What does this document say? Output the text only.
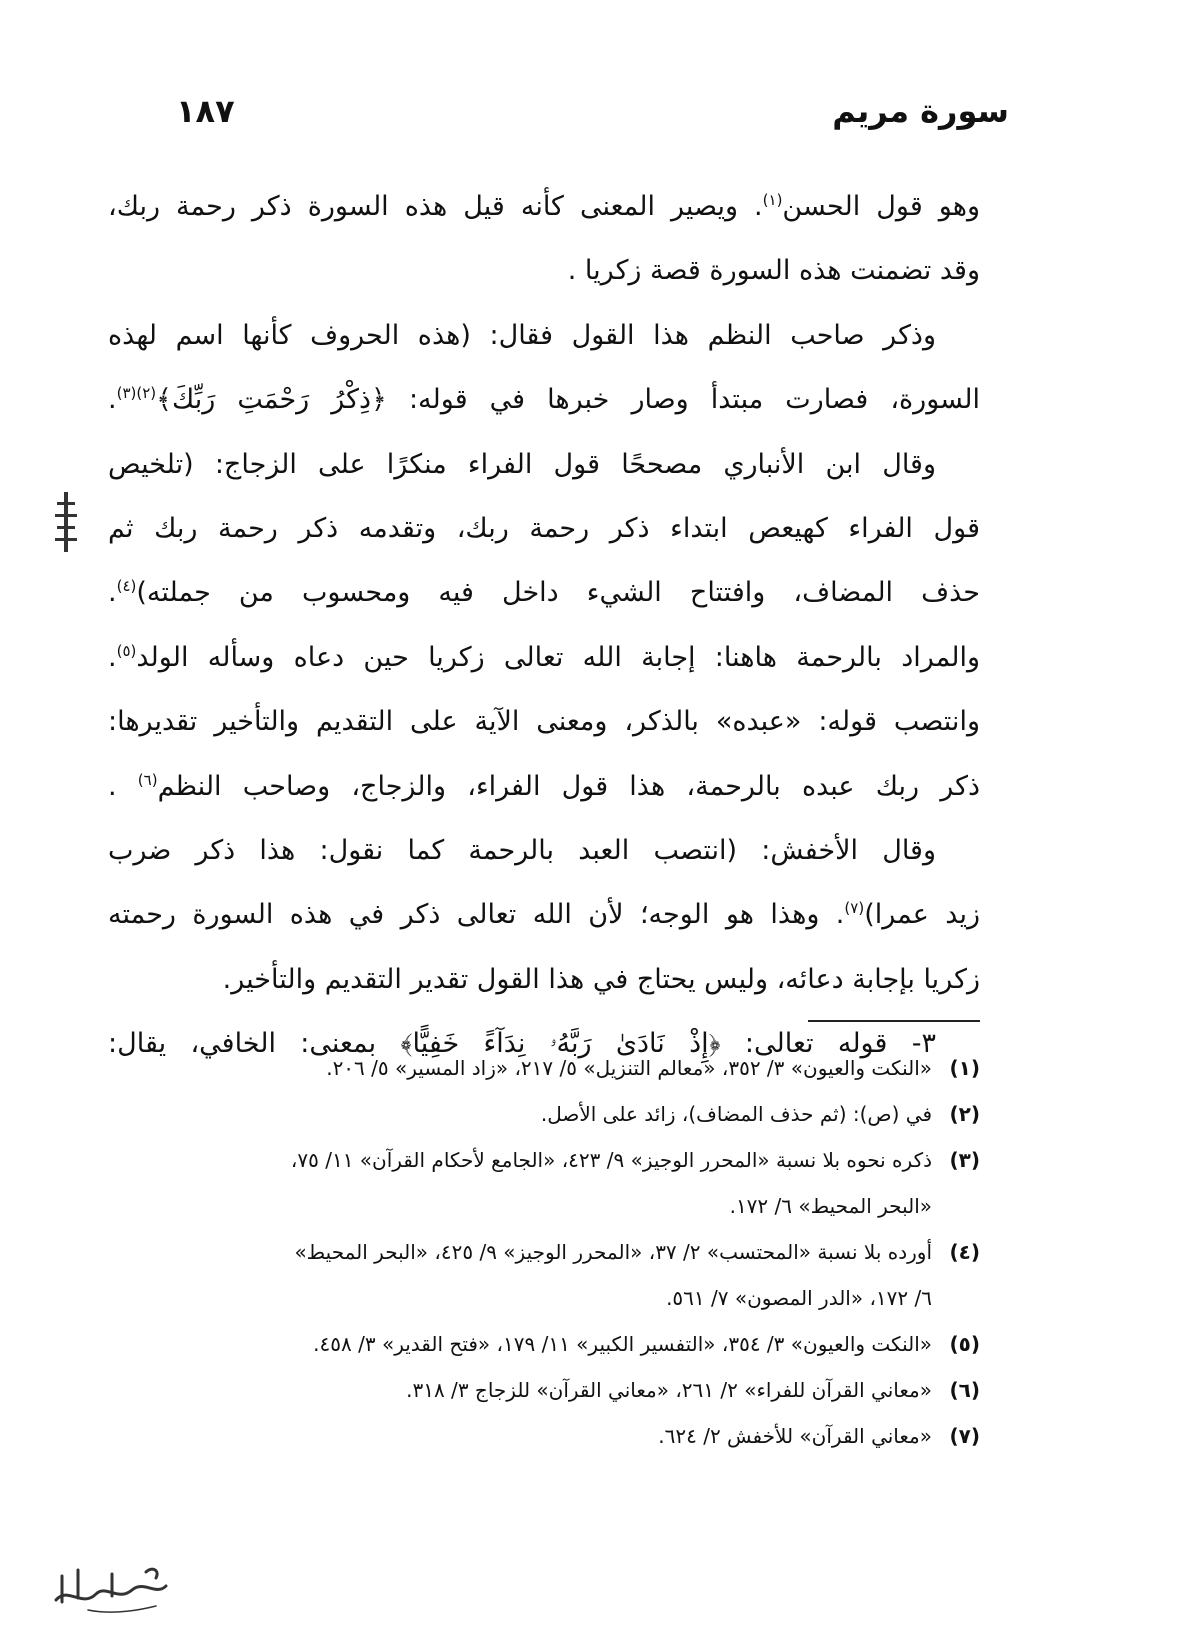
١٨٧	سورة مريم
وهو قول الحسن$^{(١)}$. ويصير المعنى كأنه قيل هذه السورة ذكر رحمة ربك،
وقد تضمنت هذه السورة قصة زكريا .
وذكر صاحب النظم هذا القول فقال: (هذه الحروف كأنها اسم لهذه
السورة، فصارت مبتدأ وصار خبرها في قوله: ﴿ذِكْرُ رَحْمَتِ رَبِّكَ﴾$^{(٢)(٣)}$.
وقال ابن الأنباري مصححًا قول الفراء منكرًا على الزجاج: (تلخيص
قول الفراء كهيعص ابتداء ذكر رحمة ربك، وتقدمه ذكر رحمة ربك ثم
حذف المضاف، وافتتاح الشيء داخل فيه ومحسوب من جملته)$^{(٤)}$.
والمراد بالرحمة هاهنا: إجابة الله تعالى زكريا حين دعاه وسأله الولد$^{(٥)}$.
وانتصب قوله: «عبده» بالذكر، ومعنى الآية على التقديم والتأخير تقديرها:
ذكر ربك عبده بالرحمة، هذا قول الفراء، والزجاج، وصاحب النظم$^{(٦)}$ .
وقال الأخفش: (انتصب العبد بالرحمة كما نقول: هذا ذكر ضرب
زيد عمرا)$^{(٧)}$. وهذا هو الوجه؛ لأن الله تعالى ذكر في هذه السورة رحمته
زكريا بإجابة دعائه، وليس يحتاج في هذا القول تقدير التقديم والتأخير.
٣- قوله تعالى: ﴿إِذْ نَادَىٰ رَبَّهُۥ نِدَآءً خَفِيًّا﴾ بمعنى: الخافي، يقال:
(١)
«النكت والعيون» ٣/ ٣٥٢، «معالم التنزيل» ٥/ ٢١٧، «زاد المسير» ٥/ ٢٠٦.
(٢)
في (ص): (ثم حذف المضاف)، زائد على الأصل.
(٣)
ذكره نحوه بلا نسبة «المحرر الوجيز» ٩/ ٤٢٣، «الجامع لأحكام القرآن» ١١/ ٧٥،
«البحر المحيط» ٦/ ١٧٢.
(٤)
أورده بلا نسبة «المحتسب» ٢/ ٣٧، «المحرر الوجيز» ٩/ ٤٢٥، «البحر المحيط»
٦/ ١٧٢، «الدر المصون» ٧/ ٥٦١.
(٥)
«النكت والعيون» ٣/ ٣٥٤، «التفسير الكبير» ١١/ ١٧٩، «فتح القدير» ٣/ ٤٥٨.
(٦)
«معاني القرآن للفراء» ٢/ ٢٦١، «معاني القرآن» للزجاج ٣/ ٣١٨.
(٧)
«معاني القرآن» للأخفش ٢/ ٦٢٤.
